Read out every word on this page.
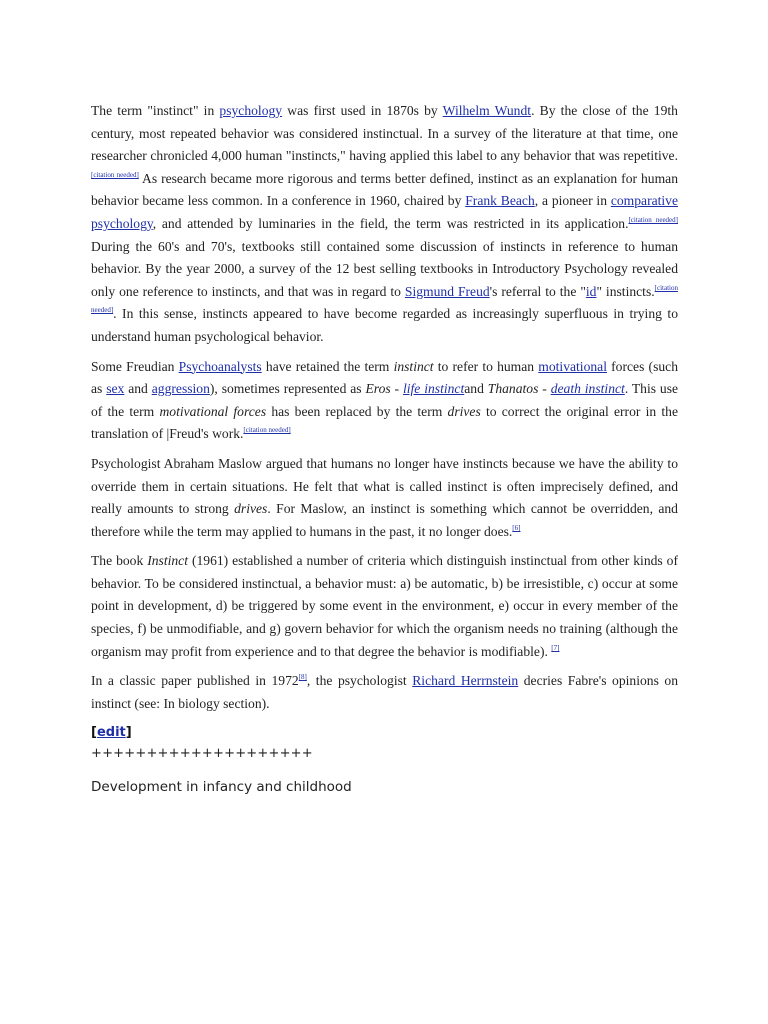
The term "instinct" in psychology was first used in 1870s by Wilhelm Wundt. By the close of the 19th century, most repeated behavior was considered instinctual. In a survey of the literature at that time, one researcher chronicled 4,000 human "instincts," having applied this label to any behavior that was repetitive.[citation needed] As research became more rigorous and terms better defined, instinct as an explanation for human behavior became less common. In a conference in 1960, chaired by Frank Beach, a pioneer in comparative psychology, and attended by luminaries in the field, the term was restricted in its application.[citation needed] During the 60's and 70's, textbooks still contained some discussion of instincts in reference to human behavior. By the year 2000, a survey of the 12 best selling textbooks in Introductory Psychology revealed only one reference to instincts, and that was in regard to Sigmund Freud's referral to the "id" instincts.[citation needed]. In this sense, instincts appeared to have become regarded as increasingly superfluous in trying to understand human psychological behavior.

Some Freudian Psychoanalysts have retained the term instinct to refer to human motivational forces (such as sex and aggression), sometimes represented as Eros - life instinctand Thanatos - death instinct. This use of the term motivational forces has been replaced by the term drives to correct the original error in the translation of |Freud's work.[citation needed]

Psychologist Abraham Maslow argued that humans no longer have instincts because we have the ability to override them in certain situations. He felt that what is called instinct is often imprecisely defined, and really amounts to strong drives. For Maslow, an instinct is something which cannot be overridden, and therefore while the term may applied to humans in the past, it no longer does.[6]

The book Instinct (1961) established a number of criteria which distinguish instinctual from other kinds of behavior. To be considered instinctual, a behavior must: a) be automatic, b) be irresistible, c) occur at some point in development, d) be triggered by some event in the environment, e) occur in every member of the species, f) be unmodifiable, and g) govern behavior for which the organism needs no training (although the organism may profit from experience and to that degree the behavior is modifiable). [7]

In a classic paper published in 1972[8], the psychologist Richard Herrnstein decries Fabre's opinions on instinct (see: In biology section).

[edit]
++++++++++++++++++++
Development in infancy and childhood
